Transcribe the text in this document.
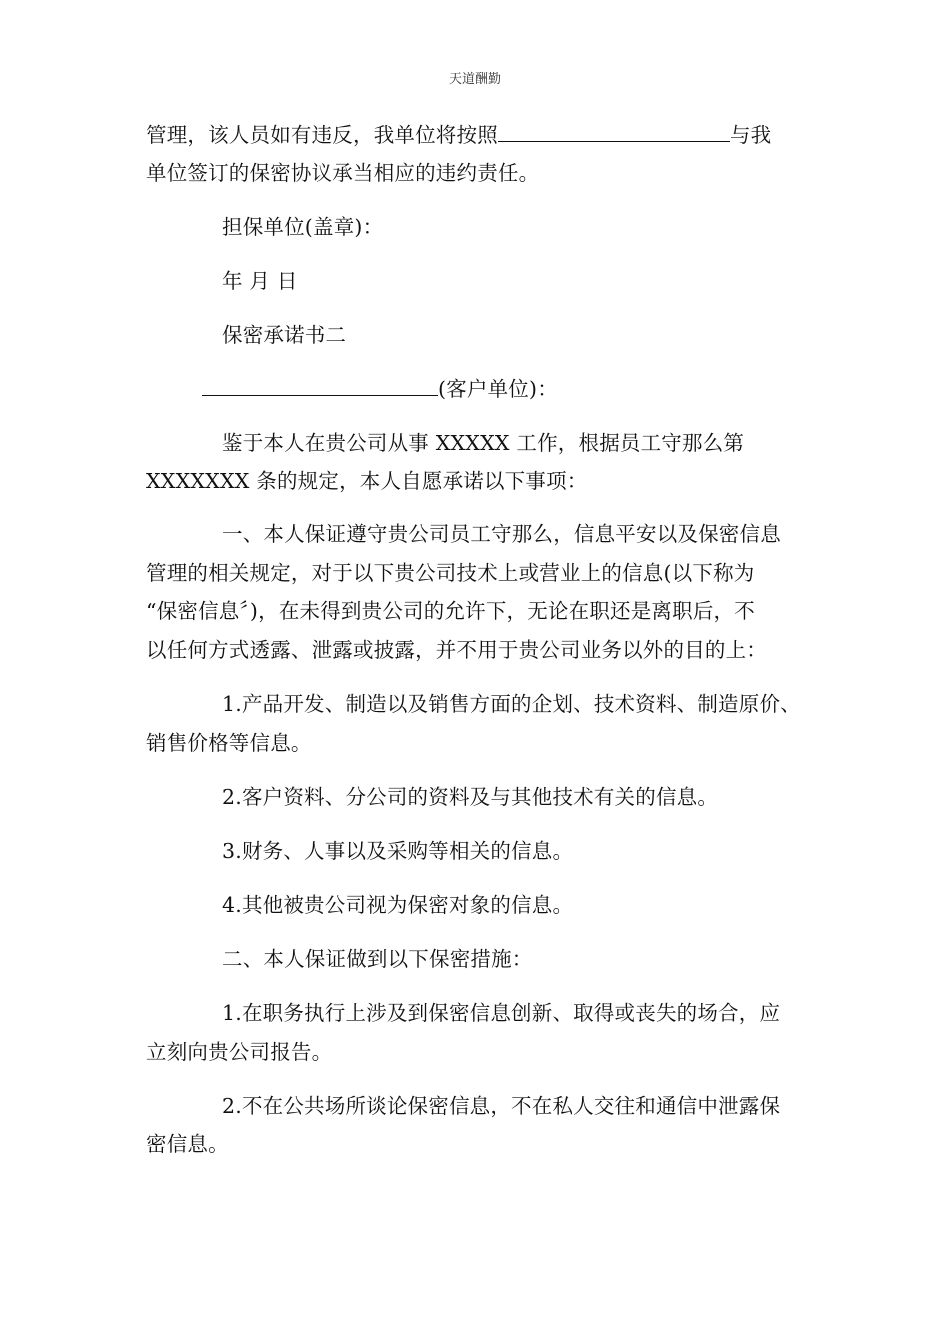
天道酬勤
管理，该人员如有违反，我单位将按照	与我
单位签订的保密协议承当相应的违约责任。
担保单位(盖章)：
年 月 日
保密承诺书二
(客户单位)：
鉴于本人在贵公司从事 XXXXX 工作，根据员工守那么第
XXXXXXX 条的规定，本人自愿承诺以下事项：
一、本人保证遵守贵公司员工守那么，信息平安以及保密信息
管理的相关规定，对于以下贵公司技术上或营业上的信息(以下称为
“保密信息〞)，在未得到贵公司的允许下，无论在职还是离职后，不
以任何方式透露、泄露或披露，并不用于贵公司业务以外的目的上：
1.产品开发、制造以及销售方面的企划、技术资料、制造原价、
销售价格等信息。
2.客户资料、分公司的资料及与其他技术有关的信息。
3.财务、人事以及采购等相关的信息。
4.其他被贵公司视为保密对象的信息。
二、本人保证做到以下保密措施：
1.在职务执行上涉及到保密信息创新、取得或丧失的场合，应
立刻向贵公司报告。
2.不在公共场所谈论保密信息，不在私人交往和通信中泄露保
密信息。
